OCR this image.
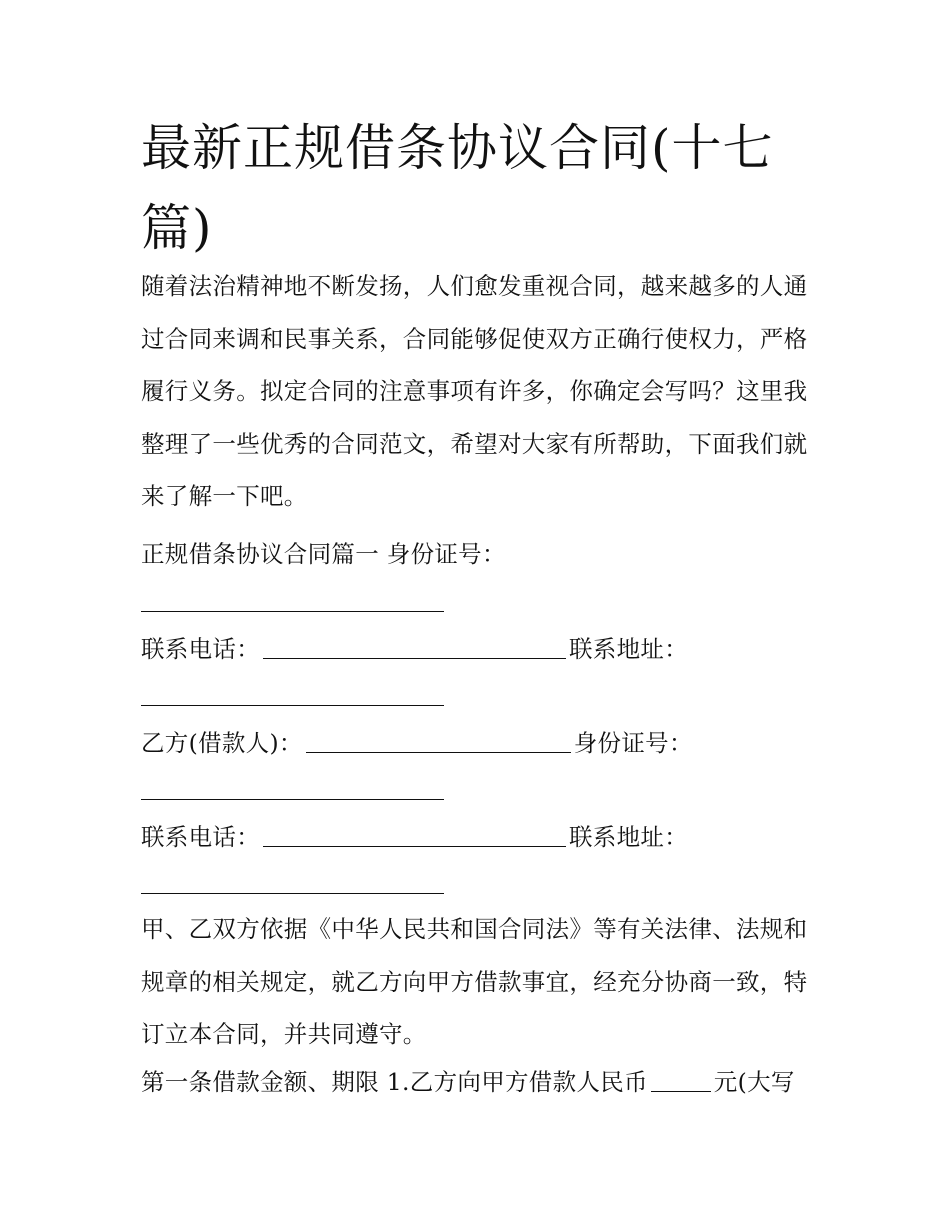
最新正规借条协议合同(十七篇)

随着法治精神地不断发扬，人们愈发重视合同，越来越多的人通过合同来调和民事关系，合同能够促使双方正确行使权力，严格履行义务。拟定合同的注意事项有许多，你确定会写吗？这里我整理了一些优秀的合同范文，希望对大家有所帮助，下面我们就来了解一下吧。

正规借条协议合同篇一 身份证号：

联系电话：	联系地址：

乙方(借款人)：	身份证号：

联系电话：	联系地址：

甲、乙双方依据《中华人民共和国合同法》等有关法律、法规和规章的相关规定，就乙方向甲方借款事宜，经充分协商一致，特订立本合同，并共同遵守。

第一条借款金额、期限 1.乙方向甲方借款人民币	元(大写
